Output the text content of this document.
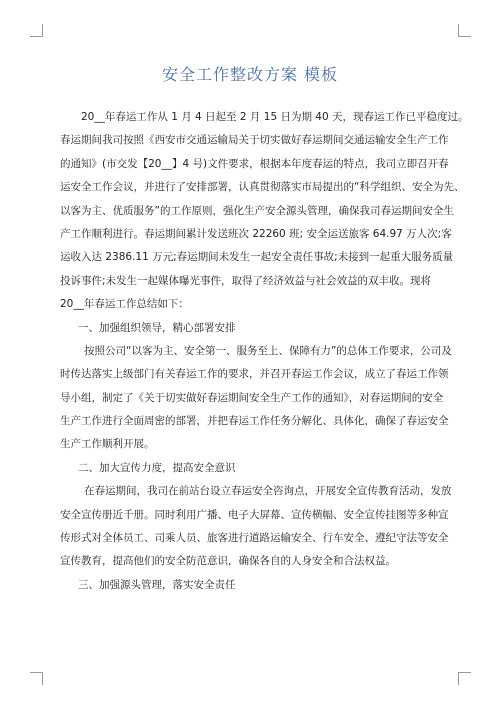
安全工作整改方案 模板
20__年春运工作从 1 月 4 日起至 2 月 15 日为期 40 天，现春运工作已平稳度过。
春运期间我司按照《西安市交通运输局关于切实做好春运期间交通运输安全生产工作
的通知》(市交发【20__】4 号)文件要求，根据本年度春运的特点，我司立即召开春
运安全工作会议，并进行了安排部署，认真贯彻落实市局提出的“科学组织、安全为先、
以客为主、优质服务”的工作原则，强化生产安全源头管理，确保我司春运期间安全生
产工作顺利进行。春运期间累计发送班次 22260 班; 安全运送旅客 64.97 万人次;客
运收入达 2386.11 万元;春运期间未发生一起安全责任事故;未接到一起重大服务质量
投诉事件;未发生一起媒体曝光事件，取得了经济效益与社会效益的双丰收。现将
20__年春运工作总结如下：
一、加强组织领导，精心部署安排
按照公司“以客为主、安全第一、服务至上、保障有力”的总体工作要求，公司及
时传达落实上级部门有关春运工作的要求，并召开春运工作会议，成立了春运工作领
导小组，制定了《关于切实做好春运期间安全生产工作的通知》，对春运期间的安全
生产工作进行全面周密的部署，并把春运工作任务分解化、具体化，确保了春运安全
生产工作顺利开展。
二、加大宣传力度，提高安全意识
在春运期间，我司在前站台设立春运安全咨询点，开展安全宣传教育活动，发放
安全宣传册近千册。同时利用广播、电子大屏幕、宣传横幅、安全宣传挂图等多种宣
传形式对全体员工、司乘人员、旅客进行道路运输安全、行车安全、遵纪守法等安全
宣传教育，提高他们的安全防范意识，确保各自的人身安全和合法权益。
三、加强源头管理，落实安全责任
